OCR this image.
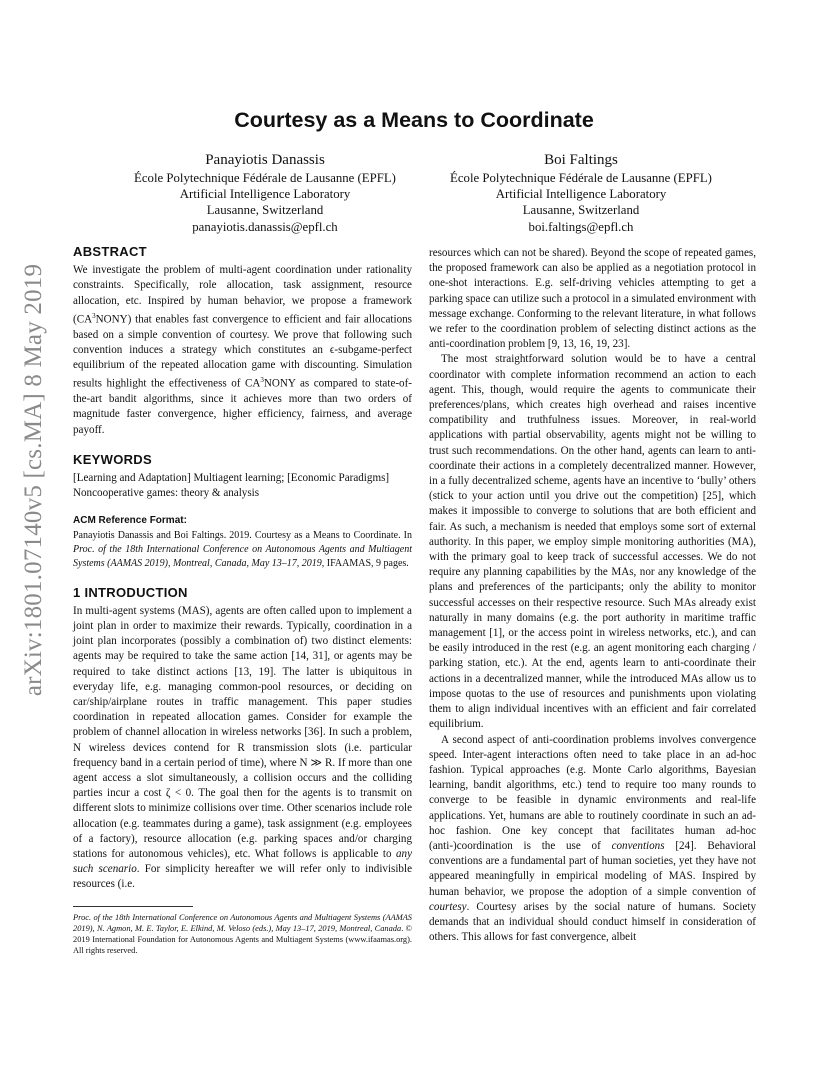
arXiv:1801.07140v5 [cs.MA] 8 May 2019
Courtesy as a Means to Coordinate
Panayiotis Danassis
École Polytechnique Fédérale de Lausanne (EPFL)
Artificial Intelligence Laboratory
Lausanne, Switzerland
panayiotis.danassis@epfl.ch
Boi Faltings
École Polytechnique Fédérale de Lausanne (EPFL)
Artificial Intelligence Laboratory
Lausanne, Switzerland
boi.faltings@epfl.ch
ABSTRACT

We investigate the problem of multi-agent coordination under rationality constraints. Specifically, role allocation, task assignment, resource allocation, etc. Inspired by human behavior, we propose a framework $(CA^3NONY)$ that enables fast convergence to efficient and fair allocations based on a simple convention of courtesy. We prove that following such convention induces a strategy which constitutes an ϵ-subgame-perfect equilibrium of the repeated allocation game with discounting. Simulation results highlight the effectiveness of $CA^3NONY$ as compared to state-of-the-art bandit algorithms, since it achieves more than two orders of magnitude faster convergence, higher efficiency, fairness, and average payoff.

KEYWORDS

[Learning and Adaptation] Multiagent learning; [Economic Paradigms] Noncooperative games: theory & analysis

ACM Reference Format:

Panayiotis Danassis and Boi Faltings. 2019. Courtesy as a Means to Coordinate. In Proc. of the 18th International Conference on Autonomous Agents and Multiagent Systems (AAMAS 2019), Montreal, Canada, May 13–17, 2019, IFAAMAS, 9 pages.

1 INTRODUCTION

In multi-agent systems (MAS), agents are often called upon to implement a joint plan in order to maximize their rewards. Typically, coordination in a joint plan incorporates (possibly a combination of) two distinct elements: agents may be required to take the same action [14, 31], or agents may be required to take distinct actions [13, 19]. The latter is ubiquitous in everyday life, e.g. managing common-pool resources, or deciding on car/ship/airplane routes in traffic management. This paper studies coordination in repeated allocation games. Consider for example the problem of channel allocation in wireless networks [36]. In such a problem, N wireless devices contend for R transmission slots (i.e. particular frequency band in a certain period of time), where N ≫ R. If more than one agent access a slot simultaneously, a collision occurs and the colliding parties incur a cost ζ < 0. The goal then for the agents is to transmit on different slots to minimize collisions over time. Other scenarios include role allocation (e.g. teammates during a game), task assignment (e.g. employees of a factory), resource allocation (e.g. parking spaces and/or charging stations for autonomous vehicles), etc. What follows is applicable to any such scenario. For simplicity hereafter we will refer only to indivisible resources (i.e.

Proc. of the 18th International Conference on Autonomous Agents and Multiagent Systems (AAMAS 2019), N. Agmon, M. E. Taylor, E. Elkind, M. Veloso (eds.), May 13–17, 2019, Montreal, Canada. © 2019 International Foundation for Autonomous Agents and Multiagent Systems (www.ifaamas.org). All rights reserved.

resources which can not be shared). Beyond the scope of repeated games, the proposed framework can also be applied as a negotiation protocol in one-shot interactions. E.g. self-driving vehicles attempting to get a parking space can utilize such a protocol in a simulated environment with message exchange. Conforming to the relevant literature, in what follows we refer to the coordination problem of selecting distinct actions as the anti-coordination problem [9, 13, 16, 19, 23].

The most straightforward solution would be to have a central coordinator with complete information recommend an action to each agent. This, though, would require the agents to communicate their preferences/plans, which creates high overhead and raises incentive compatibility and truthfulness issues. Moreover, in real-world applications with partial observability, agents might not be willing to trust such recommendations. On the other hand, agents can learn to anti-coordinate their actions in a completely decentralized manner. However, in a fully decentralized scheme, agents have an incentive to ‘bully’ others (stick to your action until you drive out the competition) [25], which makes it impossible to converge to solutions that are both efficient and fair. As such, a mechanism is needed that employs some sort of external authority. In this paper, we employ simple monitoring authorities (MA), with the primary goal to keep track of successful accesses. We do not require any planning capabilities by the MAs, nor any knowledge of the plans and preferences of the participants; only the ability to monitor successful accesses on their respective resource. Such MAs already exist naturally in many domains (e.g. the port authority in maritime traffic management [1], or the access point in wireless networks, etc.), and can be easily introduced in the rest (e.g. an agent monitoring each charging / parking station, etc.). At the end, agents learn to anti-coordinate their actions in a decentralized manner, while the introduced MAs allow us to impose quotas to the use of resources and punishments upon violating them to align individual incentives with an efficient and fair correlated equilibrium.

A second aspect of anti-coordination problems involves convergence speed. Inter-agent interactions often need to take place in an ad-hoc fashion. Typical approaches (e.g. Monte Carlo algorithms, Bayesian learning, bandit algorithms, etc.) tend to require too many rounds to converge to be feasible in dynamic environments and real-life applications. Yet, humans are able to routinely coordinate in such an ad-hoc fashion. One key concept that facilitates human ad-hoc (anti-)coordination is the use of conventions [24]. Behavioral conventions are a fundamental part of human societies, yet they have not appeared meaningfully in empirical modeling of MAS. Inspired by human behavior, we propose the adoption of a simple convention of courtesy. Courtesy arises by the social nature of humans. Society demands that an individual should conduct himself in consideration of others. This allows for fast convergence, albeit
